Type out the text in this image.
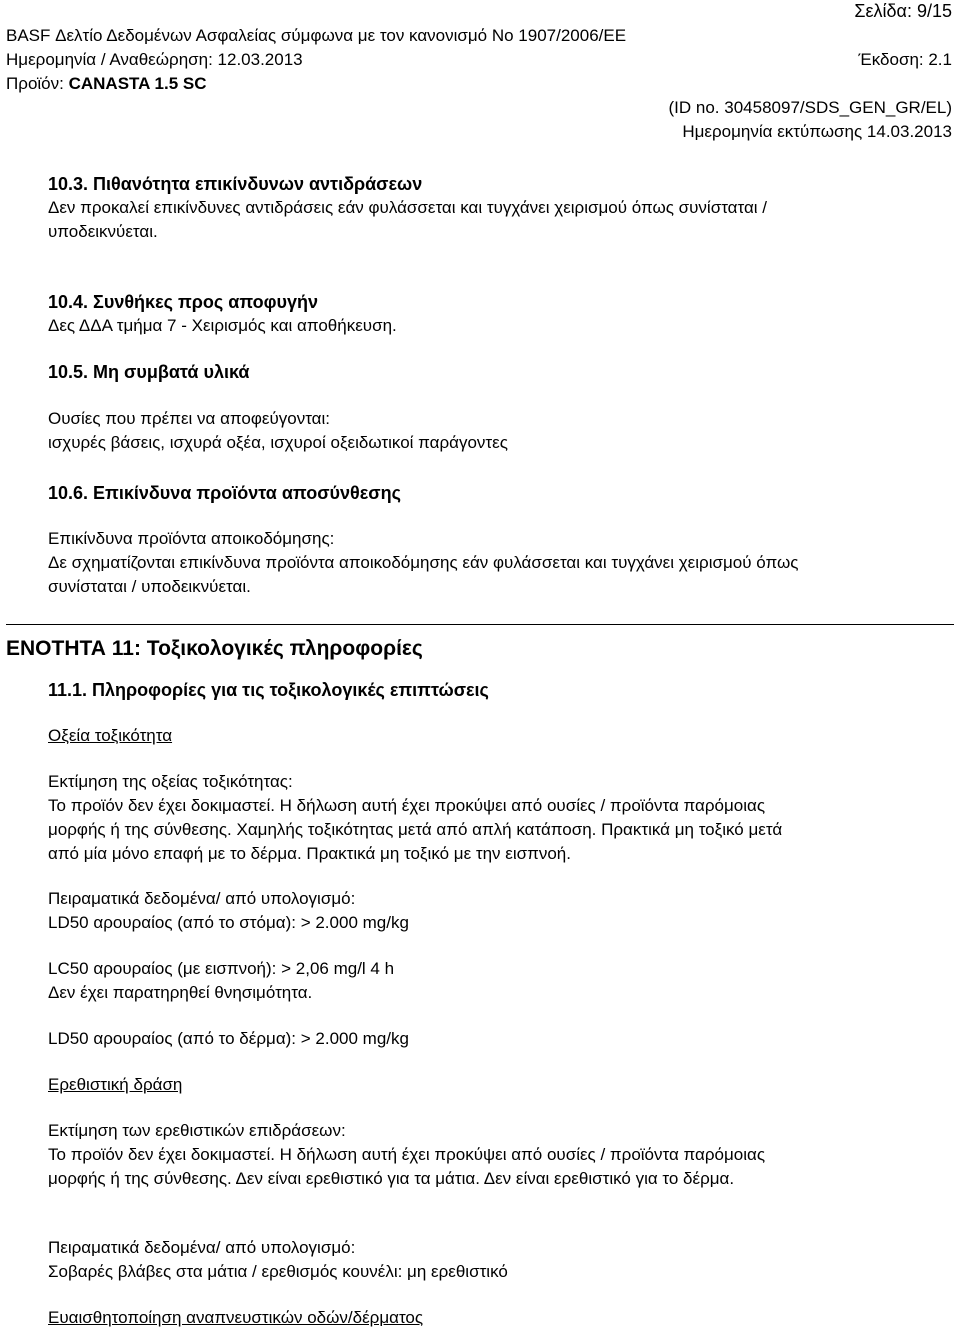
Σελίδα: 9/15
BASF Δελτίο Δεδομένων Ασφαλείας σύμφωνα με τον κανονισμό Νο 1907/2006/ΕΕ
Ημερομηνία / Αναθεώρηση: 12.03.2013	Έκδοση: 2.1
Προϊόν: CANASTA 1.5 SC
(ID no. 30458097/SDS_GEN_GR/EL)
Ημερομηνία εκτύπωσης 14.03.2013
10.3. Πιθανότητα επικίνδυνων αντιδράσεων
Δεν προκαλεί επικίνδυνες αντιδράσεις εάν φυλάσσεται και τυγχάνει χειρισμού όπως συνίσταται /
υποδεικνύεται.
10.4. Συνθήκες προς αποφυγήν
Δες ΔΔΑ τμήμα 7 - Χειρισμός και αποθήκευση.
10.5. Μη συμβατά υλικά
Ουσίες που πρέπει να αποφεύγονται:
ισχυρές βάσεις, ισχυρά οξέα, ισχυροί οξειδωτικοί παράγοντες
10.6. Επικίνδυνα προϊόντα αποσύνθεσης
Επικίνδυνα προϊόντα αποικοδόμησης:
Δε σχηματίζονται επικίνδυνα προϊόντα αποικοδόμησης εάν φυλάσσεται και τυγχάνει χειρισμού όπως
συνίσταται / υποδεικνύεται.
ΕΝΟΤΗΤΑ 11: Τοξικολογικές πληροφορίες
11.1. Πληροφορίες για τις τοξικολογικές επιπτώσεις
Οξεία τοξικότητα
Εκτίμηση της οξείας τοξικότητας:
Το προϊόν δεν έχει δοκιμαστεί. Η δήλωση αυτή έχει προκύψει από ουσίες / προϊόντα παρόμοιας
μορφής ή της σύνθεσης. Χαμηλής τοξικότητας μετά από απλή κατάποση. Πρακτικά μη τοξικό μετά
από μία μόνο επαφή με το δέρμα. Πρακτικά μη τοξικό με την εισπνοή.
Πειραματικά δεδομένα/ από υπολογισμό:
LD50 αρουραίος (από το στόμα): > 2.000 mg/kg
LC50 αρουραίος (με εισπνοή): > 2,06 mg/l 4 h
Δεν έχει παρατηρηθεί θνησιμότητα.
LD50 αρουραίος (από το δέρμα): > 2.000 mg/kg
Ερεθιστική δράση
Εκτίμηση των ερεθιστικών επιδράσεων:
Το προϊόν δεν έχει δοκιμαστεί. Η δήλωση αυτή έχει προκύψει από ουσίες / προϊόντα παρόμοιας
μορφής ή της σύνθεσης. Δεν είναι ερεθιστικό για τα μάτια. Δεν είναι ερεθιστικό για το δέρμα.
Πειραματικά δεδομένα/ από υπολογισμό:
Σοβαρές βλάβες στα μάτια / ερεθισμός κουνέλι: μη ερεθιστικό
Ευαισθητοποίηση αναπνευστικών οδών/δέρματος
